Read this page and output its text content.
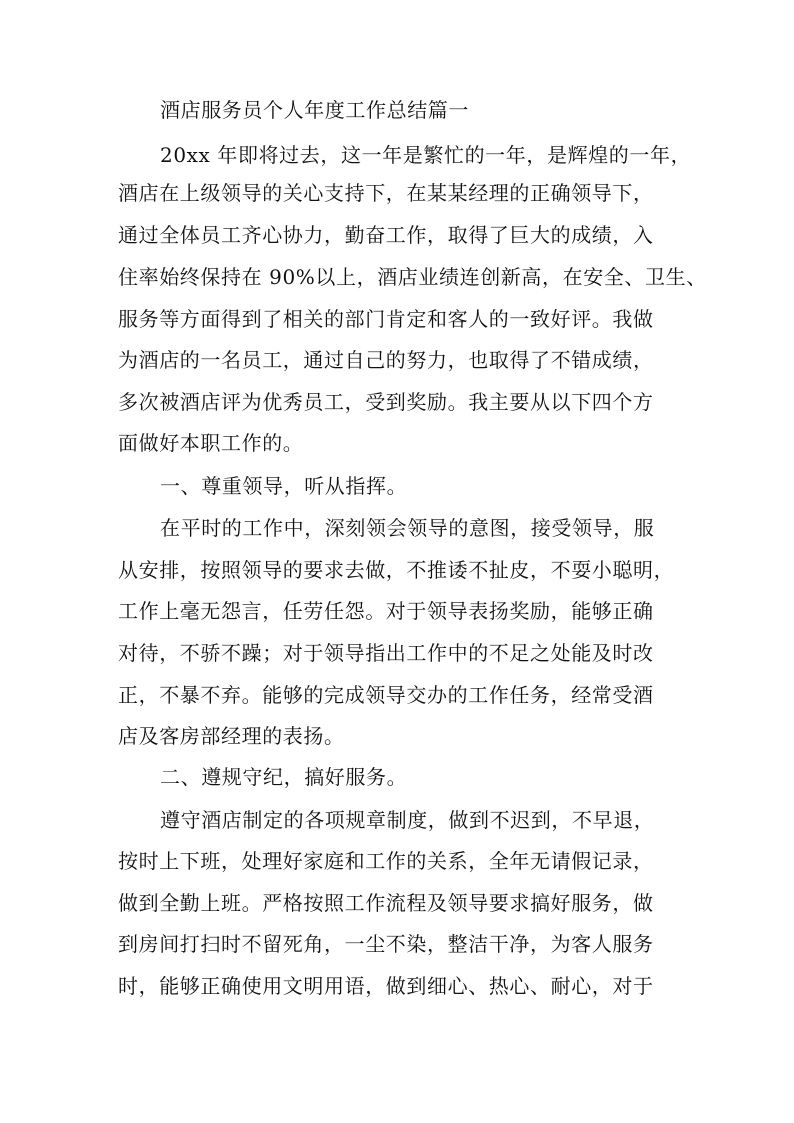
酒店服务员个人年度工作总结篇一
20xx 年即将过去，这一年是繁忙的一年，是辉煌的一年，
酒店在上级领导的关心支持下，在某某经理的正确领导下，
通过全体员工齐心协力，勤奋工作，取得了巨大的成绩，入
住率始终保持在 90%以上，酒店业绩连创新高，在安全、卫生、
服务等方面得到了相关的部门肯定和客人的一致好评。我做
为酒店的一名员工，通过自己的努力，也取得了不错成绩，
多次被酒店评为优秀员工，受到奖励。我主要从以下四个方
面做好本职工作的。
一、尊重领导，听从指挥。
在平时的工作中，深刻领会领导的意图，接受领导，服
从安排，按照领导的要求去做，不推诿不扯皮，不耍小聪明，
工作上毫无怨言，任劳任怨。对于领导表扬奖励，能够正确
对待，不骄不躁；对于领导指出工作中的不足之处能及时改
正，不暴不弃。能够的完成领导交办的工作任务，经常受酒
店及客房部经理的表扬。
二、遵规守纪，搞好服务。
遵守酒店制定的各项规章制度，做到不迟到，不早退，
按时上下班，处理好家庭和工作的关系，全年无请假记录，
做到全勤上班。严格按照工作流程及领导要求搞好服务，做
到房间打扫时不留死角，一尘不染，整洁干净，为客人服务
时，能够正确使用文明用语，做到细心、热心、耐心，对于
